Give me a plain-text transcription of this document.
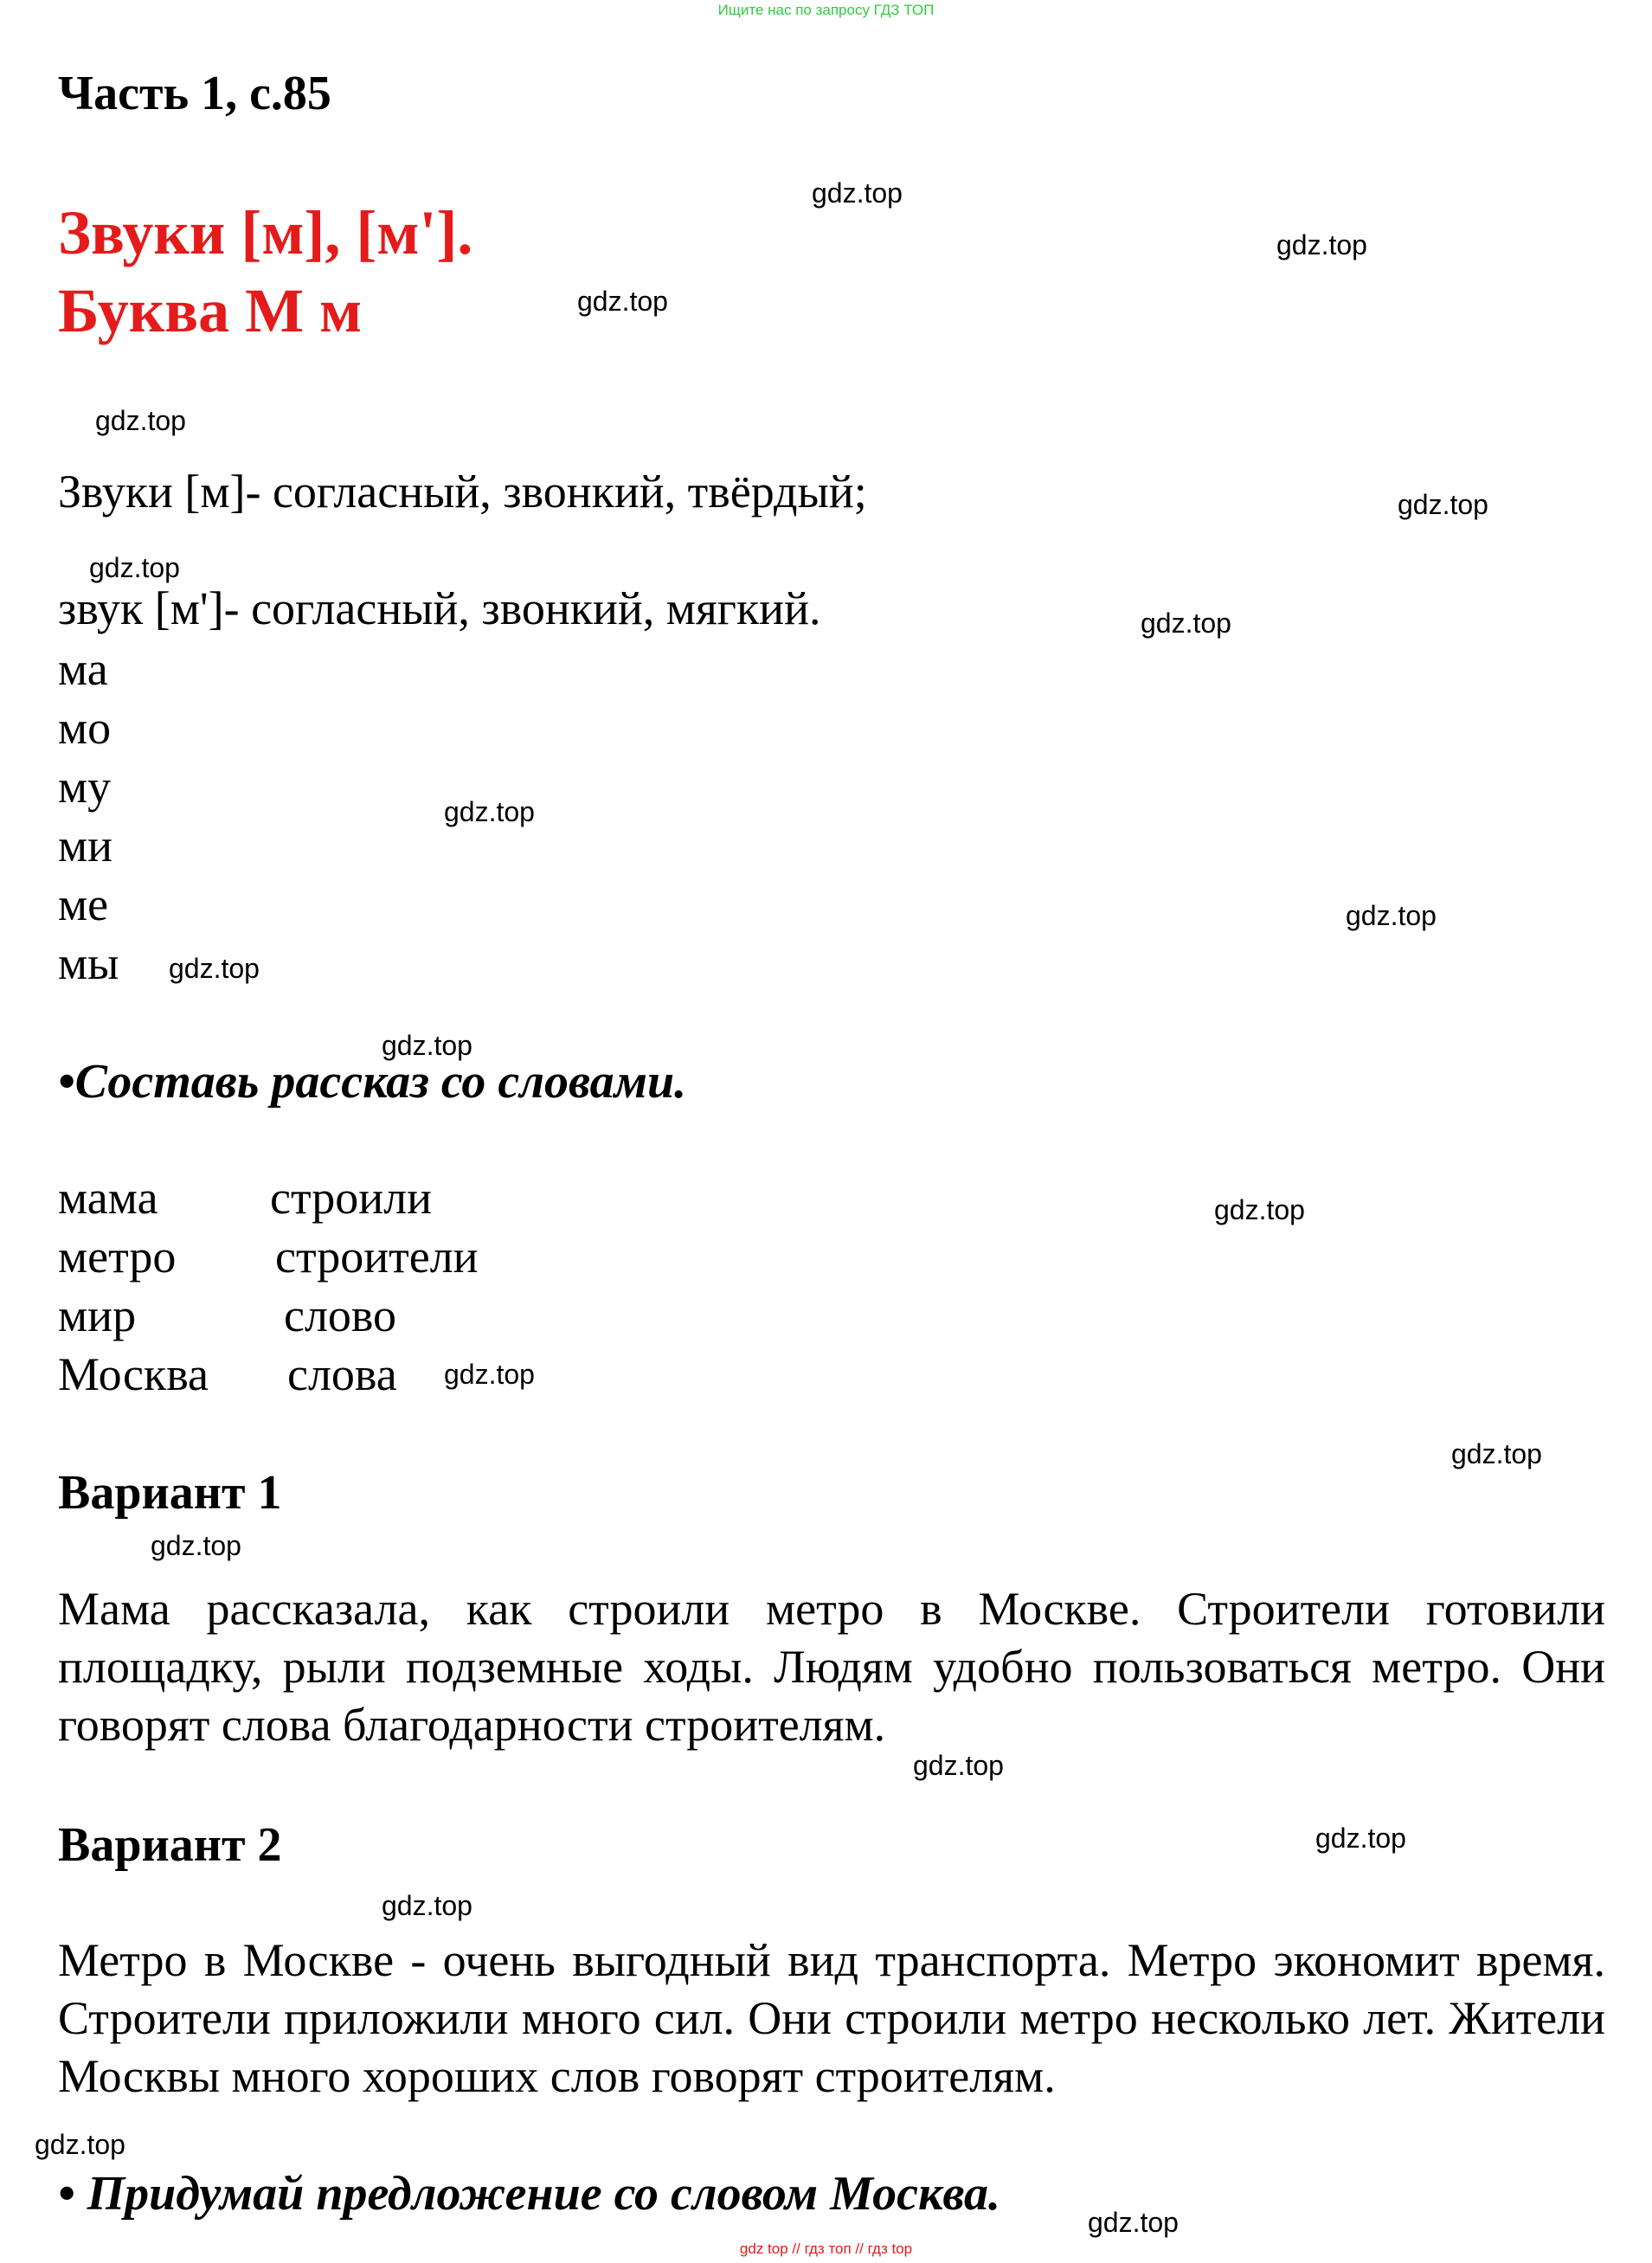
Ищите нас по запросу ГДЗ ТОП
Часть 1, с.85
Звуки [м], [м'].
Буква М м
Звуки [м]- согласный, звонкий, твёрдый;
звук [м']- согласный, звонкий, мягкий.
ма
мо
му
ми
ме
мы
•Составь рассказ со словами.
мама
метро
мир
Москва
строили
строители
слово
слова
Вариант 1
Мама рассказала, как строили метро в Москве. Строители готовили площадку, рыли подземные ходы. Людям удобно пользоваться метро. Они говорят слова благодарности строителям.
Вариант 2
Метро в Москве - очень выгодный вид транспорта. Метро экономит время. Строители приложили много сил. Они строили метро несколько лет. Жители Москвы много хороших слов говорят строителям.
• Придумай предложение со словом Москва.
gdz.top
gdz.top
gdz.top
gdz.top
gdz.top
gdz.top
gdz.top
gdz.top
gdz.top
gdz.top
gdz.top
gdz.top
gdz.top
gdz.top
gdz.top
gdz.top
gdz.top
gdz.top
gdz.top
gdz.top
gdz top // гдз топ // гдз top
